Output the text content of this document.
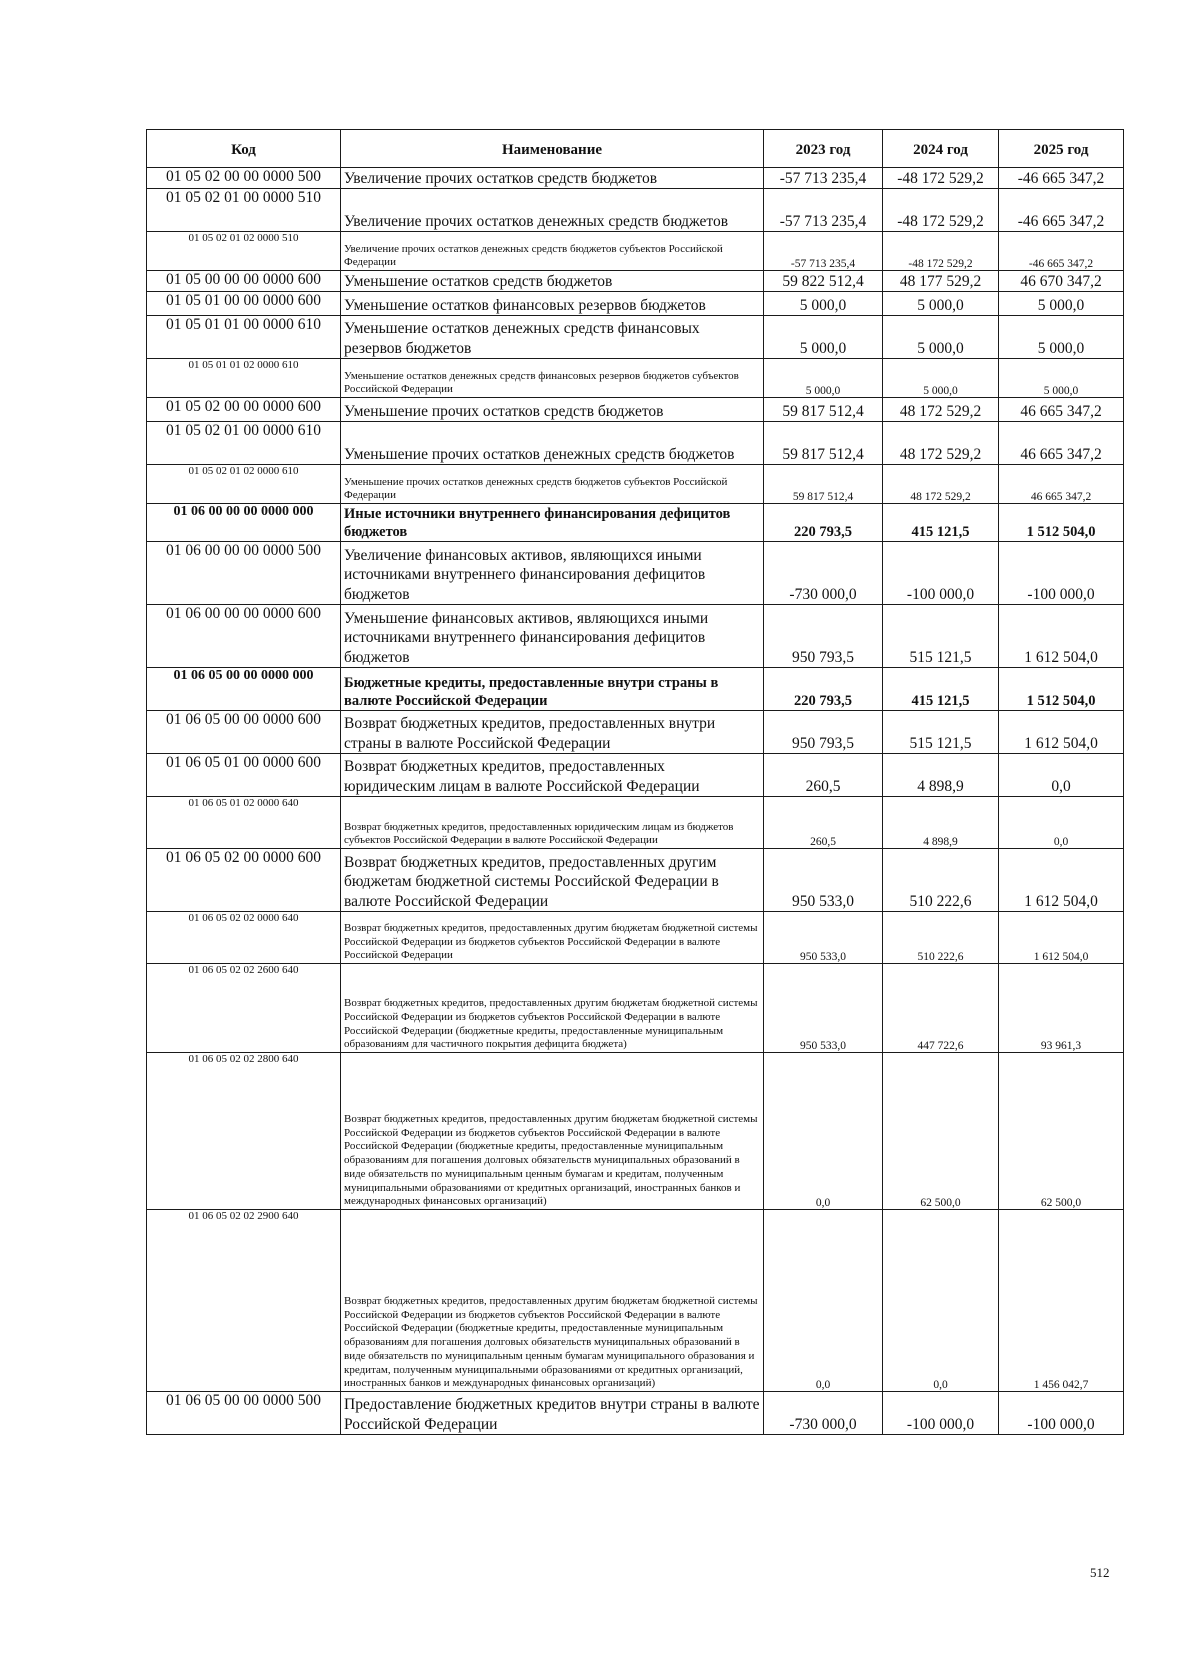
Код	Наименование	2023 год	2024 год	2025 год
01 05 02 00 00 0000 500	Увеличение прочих остатков средств бюджетов	-57 713 235,4	-48 172 529,2	-46 665 347,2
01 05 02 01 00 0000 510	Увеличение прочих остатков денежных средств бюджетов	-57 713 235,4	-48 172 529,2	-46 665 347,2
01 05 02 01 02 0000 510	Увеличение прочих остатков денежных средств бюджетов субъектов Российской Федерации	-57 713 235,4	-48 172 529,2	-46 665 347,2
01 05 00 00 00 0000 600	Уменьшение остатков средств бюджетов	59 822 512,4	48 177 529,2	46 670 347,2
01 05 01 00 00 0000 600	Уменьшение остатков финансовых резервов бюджетов	5 000,0	5 000,0	5 000,0
01 05 01 01 00 0000 610	Уменьшение остатков денежных средств финансовых резервов бюджетов	5 000,0	5 000,0	5 000,0
01 05 01 01 02 0000 610	Уменьшение остатков денежных средств финансовых резервов бюджетов субъектов Российской Федерации	5 000,0	5 000,0	5 000,0
01 05 02 00 00 0000 600	Уменьшение прочих остатков средств бюджетов	59 817 512,4	48 172 529,2	46 665 347,2
01 05 02 01 00 0000 610	Уменьшение прочих остатков денежных средств бюджетов	59 817 512,4	48 172 529,2	46 665 347,2
01 05 02 01 02 0000 610	Уменьшение прочих остатков денежных средств бюджетов субъектов Российской Федерации	59 817 512,4	48 172 529,2	46 665 347,2
01 06 00 00 00 0000 000	Иные источники внутреннего финансирования дефицитов бюджетов	220 793,5	415 121,5	1 512 504,0
01 06 00 00 00 0000 500	Увеличение финансовых активов, являющихся иными источниками внутреннего финансирования дефицитов бюджетов	-730 000,0	-100 000,0	-100 000,0
01 06 00 00 00 0000 600	Уменьшение финансовых активов, являющихся иными источниками внутреннего финансирования дефицитов бюджетов	950 793,5	515 121,5	1 612 504,0
01 06 05 00 00 0000 000	Бюджетные кредиты, предоставленные внутри страны в валюте Российской Федерации	220 793,5	415 121,5	1 512 504,0
01 06 05 00 00 0000 600	Возврат бюджетных кредитов, предоставленных внутри страны в валюте Российской Федерации	950 793,5	515 121,5	1 612 504,0
01 06 05 01 00 0000 600	Возврат бюджетных кредитов, предоставленных юридическим лицам в валюте Российской Федерации	260,5	4 898,9	0,0
01 06 05 01 02 0000 640	Возврат бюджетных кредитов, предоставленных юридическим лицам из бюджетов субъектов Российской Федерации в валюте Российской Федерации	260,5	4 898,9	0,0
01 06 05 02 00 0000 600	Возврат бюджетных кредитов, предоставленных другим бюджетам бюджетной системы Российской Федерации в валюте Российской Федерации	950 533,0	510 222,6	1 612 504,0
01 06 05 02 02 0000 640	Возврат бюджетных кредитов, предоставленных другим бюджетам бюджетной системы Российской Федерации из бюджетов субъектов Российской Федерации в валюте Российской Федерации	950 533,0	510 222,6	1 612 504,0
01 06 05 02 02 2600 640	Возврат бюджетных кредитов, предоставленных другим бюджетам бюджетной системы Российской Федерации из бюджетов субъектов Российской Федерации в валюте Российской Федерации (бюджетные кредиты, предоставленные муниципальным образованиям для частичного покрытия дефицита бюджета)	950 533,0	447 722,6	93 961,3
01 06 05 02 02 2800 640	Возврат бюджетных кредитов, предоставленных другим бюджетам бюджетной системы Российской Федерации из бюджетов субъектов Российской Федерации в валюте Российской Федерации (бюджетные кредиты, предоставленные муниципальным образованиям для погашения долговых обязательств муниципальных образований в виде обязательств по муниципальным ценным бумагам и кредитам, полученным муниципальными образованиями от кредитных организаций, иностранных банков и международных финансовых организаций)	0,0	62 500,0	62 500,0
01 06 05 02 02 2900 640	Возврат бюджетных кредитов, предоставленных другим бюджетам бюджетной системы Российской Федерации из бюджетов субъектов Российской Федерации в валюте Российской Федерации (бюджетные кредиты, предоставленные муниципальным образованиям для погашения долговых обязательств муниципальных образований в виде обязательств по муниципальным ценным бумагам муниципального образования и кредитам, полученным муниципальными образованиями от кредитных организаций, иностранных банков и международных финансовых организаций)	0,0	0,0	1 456 042,7
01 06 05 00 00 0000 500	Предоставление бюджетных кредитов внутри страны в валюте Российской Федерации	-730 000,0	-100 000,0	-100 000,0
512
